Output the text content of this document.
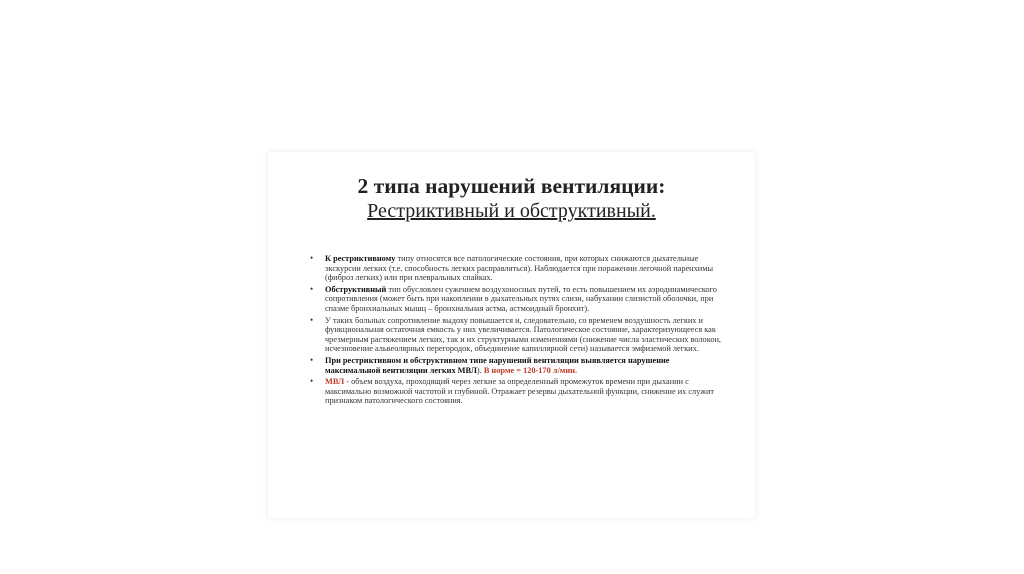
2 типа нарушений вентиляции:
Рестриктивный и обструктивный.
• К рестриктивному типу относятся все патологические состояния, при которых снижаются дыхательные экскурсии легких (т.е. способность легких расправляться). Наблюдается при поражении легочной паренхимы (фиброз легких) или при плевральных спайках.
• Обструктивный тип обусловлен сужением воздухоносных путей, то есть повышением их аэродинамического сопротивления (может быть при накоплении в дыхательных путях слизи, набухании слизистой оболочки, при спазме бронхиальных мышц – бронхиальная астма, астмоидный бронхит).
• У таких больных сопротивление выдоху повышается и, следовательно, со временем воздушность легких и функциональная остаточная емкость у них увеличивается. Патологическое состояние, характеризующееся как чрезмерным растяжением легких, так и их структурными изменениями (снижение числа эластических волокон, исчезновение альвеолярных перегородок, объединение капиллярной сети) называется эмфиземой легких.
• При рестриктивном и обструктивном типе нарушений вентиляции выявляется нарушение максимальной вентиляции легких МВЛ). В норме = 120-170 л/мин.
• МВЛ - объем воздуха, проходящий через легкие за определенный промежуток времени при дыхании с максимально возможной частотой и глубиной. Отражает резервы дыхательной функции, снижение их служит признаком патологического состояния.
